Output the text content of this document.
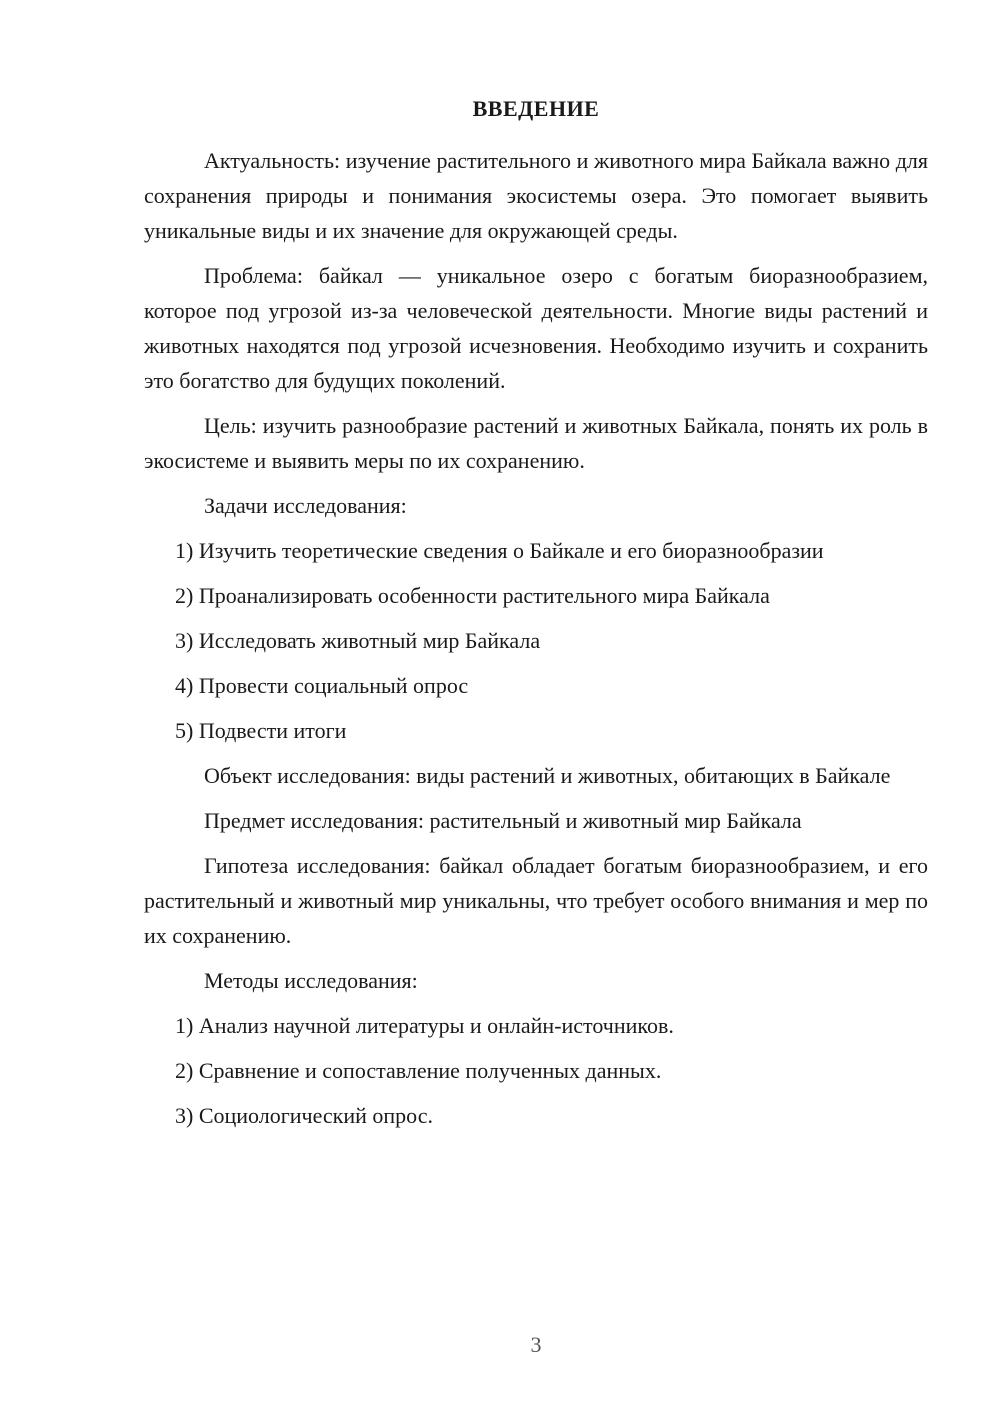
ВВЕДЕНИЕ

Актуальность: изучение растительного и животного мира Байкала важно для сохранения природы и понимания экосистемы озера. Это помогает выявить уникальные виды и их значение для окружающей среды.

Проблема: байкал — уникальное озеро с богатым биоразнообразием, которое под угрозой из-за человеческой деятельности. Многие виды растений и животных находятся под угрозой исчезновения. Необходимо изучить и сохранить это богатство для будущих поколений.

Цель: изучить разнообразие растений и животных Байкала, понять их роль в экосистеме и выявить меры по их сохранению.

Задачи исследования:

1) Изучить теоретические сведения о Байкале и его биоразнообразии

2) Проанализировать особенности растительного мира Байкала

3) Исследовать животный мир Байкала

4) Провести социальный опрос

5) Подвести итоги

Объект исследования: виды растений и животных, обитающих в Байкале

Предмет исследования: растительный и животный мир Байкала

Гипотеза исследования: байкал обладает богатым биоразнообразием, и его растительный и животный мир уникальны, что требует особого внимания и мер по их сохранению.

Методы исследования:

1) Анализ научной литературы и онлайн-источников.

2) Сравнение и сопоставление полученных данных.

3) Социологический опрос.

3
